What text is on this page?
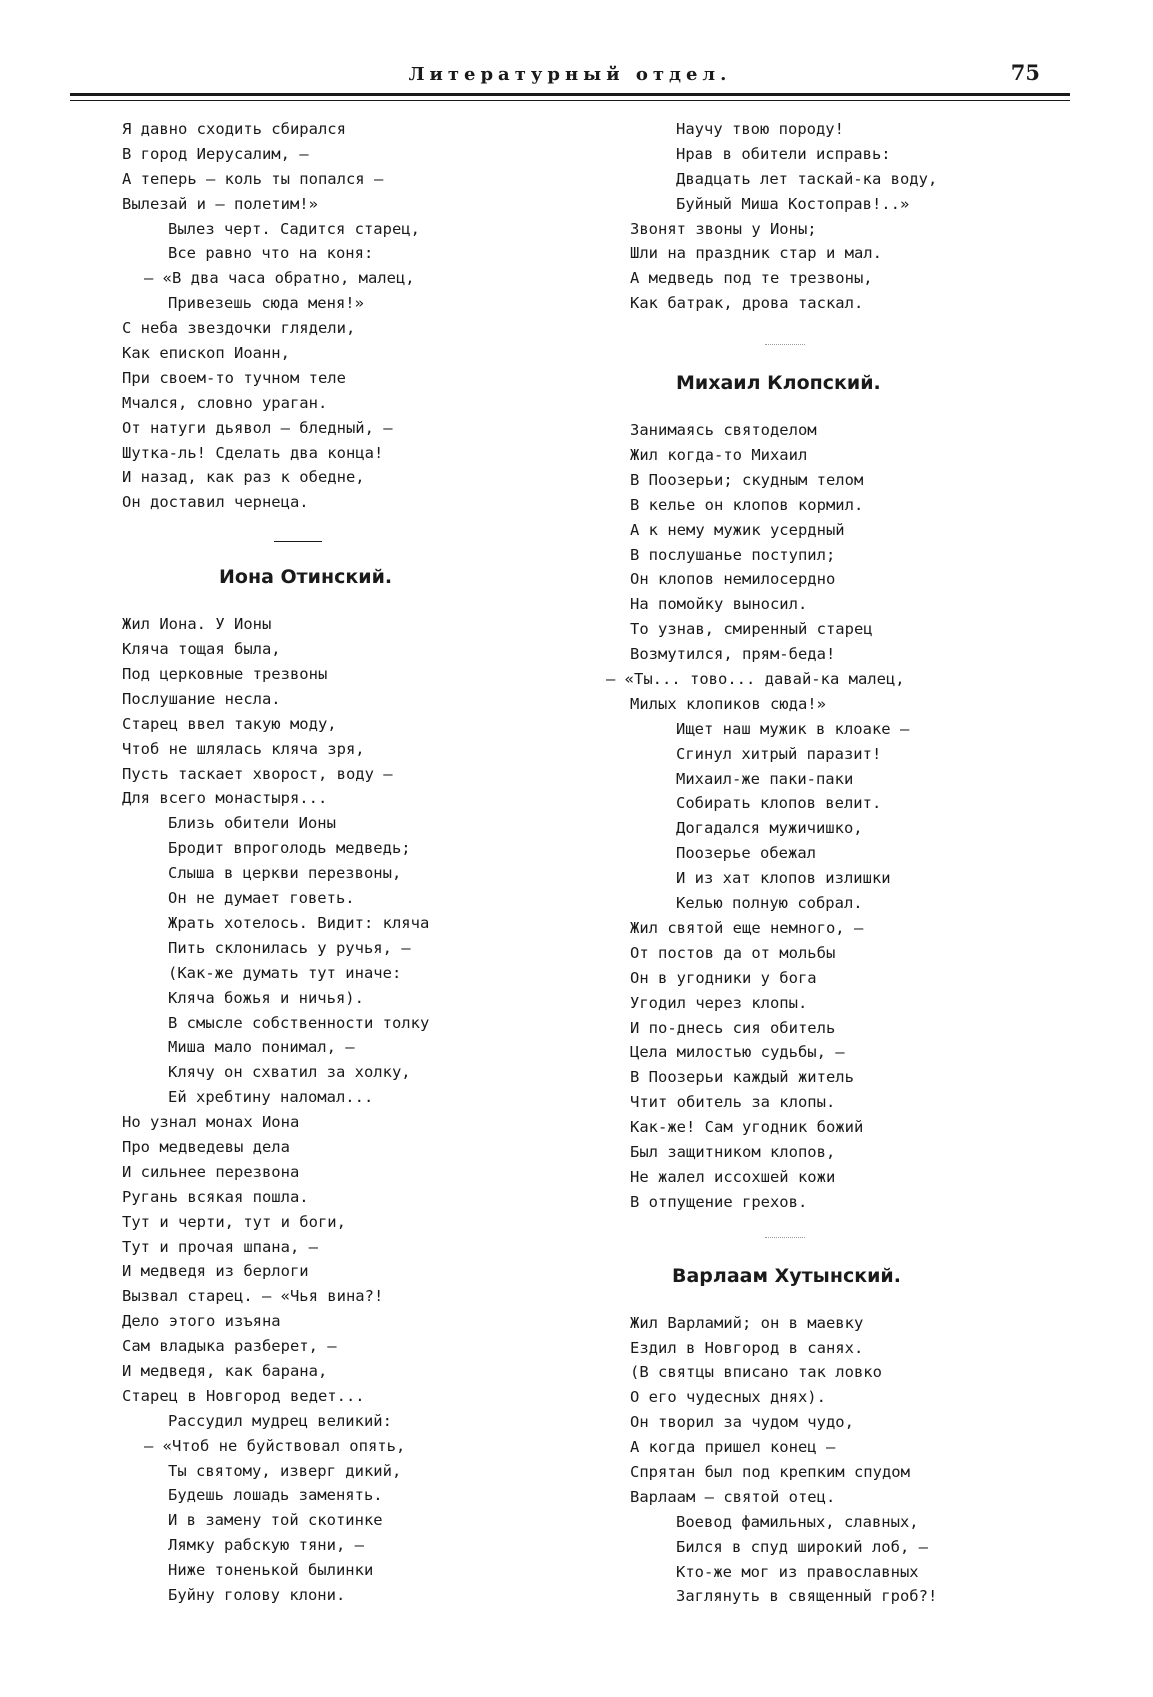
Литературный отдел.	75
Я давно сходить сбирался
В город Иерусалим, —
А теперь — коль ты попался —
Вылезай и — полетим!»
Вылез черт. Садится старец,
Все равно что на коня:
— «В два часа обратно, малец,
Привезешь сюда меня!»
С неба звездочки глядели,
Как епископ Иоанн,
При своем-то тучном теле
Мчался, словно ураган.
От натуги дьявол — бледный, —
Шутка-ль! Сделать два конца!
И назад, как раз к обедне,
Он доставил чернеца.
Иона Отинский.
Жил Иона. У Ионы
Кляча тощая была,
Под церковные трезвоны
Послушание несла.
Старец ввел такую моду,
Чтоб не шлялась кляча зря,
Пусть таскает хворост, воду —
Для всего монастыря...
Близь обители Ионы
Бродит впроголодь медведь;
Слыша в церкви перезвоны,
Он не думает говеть.
Жрать хотелось. Видит: кляча
Пить склонилась у ручья, —
(Как-же думать тут иначе:
Кляча божья и ничья).
В смысле собственности толку
Миша мало понимал, —
Клячу он схватил за холку,
Ей хребтину наломал...
Но узнал монах Иона
Про медведевы дела
И сильнее перезвона
Ругань всякая пошла.
Тут и черти, тут и боги,
Тут и прочая шпана, —
И медведя из берлоги
Вызвал старец. — «Чья вина?!
Дело этого изъяна
Сам владыка разберет, —
И медведя, как барана,
Старец в Новгород ведет...
Рассудил мудрец великий:
— «Чтоб не буйствовал опять,
Ты святому, изверг дикий,
Будешь лошадь заменять.
И в замену той скотинке
Лямку рабскую тяни, —
Ниже тоненькой былинки
Буйну голову клони.
Научу твою породу!
Нрав в обители исправь:
Двадцать лет таскай-ка воду,
Буйный Миша Костоправ!..»
Звонят звоны у Ионы;
Шли на праздник стар и мал.
А медведь под те трезвоны,
Как батрак, дрова таскал.
Михаил Клопский.
Занимаясь святоделом
Жил когда-то Михаил
В Поозерьи; скудным телом
В келье он клопов кормил.
А к нему мужик усердный
В послушанье поступил;
Он клопов немилосердно
На помойку выносил.
То узнав, смиренный старец
Возмутился, прям-беда!
— «Ты... тово... давай-ка малец,
Милых клопиков сюда!»
Ищет наш мужик в клоаке —
Сгинул хитрый паразит!
Михаил-же паки-паки
Собирать клопов велит.
Догадался мужичишко,
Поозерье обежал
И из хат клопов излишки
Келью полную собрал.
Жил святой еще немного, —
От постов да от мольбы
Он в угодники у бога
Угодил через клопы.
И по-днесь сия обитель
Цела милостью судьбы, —
В Поозерьи каждый житель
Чтит обитель за клопы.
Как-же! Сам угодник божий
Был защитником клопов,
Не жалел иссохшей кожи
В отпущение грехов.
Варлаам Хутынский.
Жил Варламий; он в маевку
Ездил в Новгород в санях.
(В святцы вписано так ловко
О его чудесных днях).
Он творил за чудом чудо,
А когда пришел конец —
Спрятан был под крепким спудом
Варлаам — святой отец.
Воевод фамильных, славных,
Бился в спуд широкий лоб, —
Кто-же мог из православных
Заглянуть в священный гроб?!
